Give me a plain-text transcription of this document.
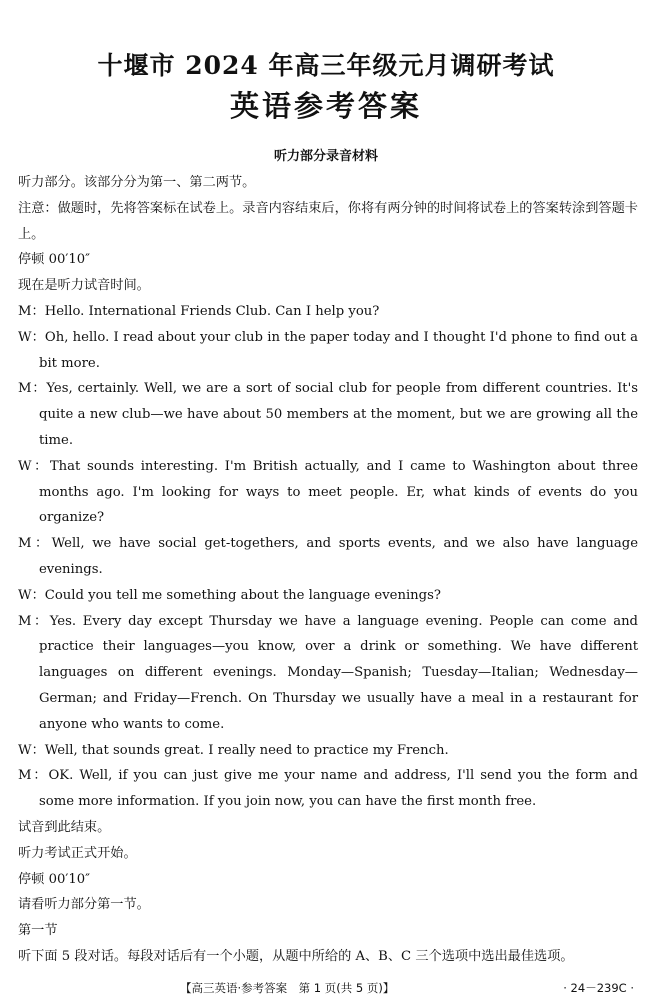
十堰市 2024 年高三年级元月调研考试
英语参考答案
听力部分录音材料

听力部分。该部分分为第一、第二两节。

注意：做题时，先将答案标在试卷上。录音内容结束后，你将有两分钟的时间将试卷上的答案转涂到答题卡上。

停顿 00′10″

现在是听力试音时间。

M：Hello. International Friends Club. Can I help you?

W：Oh, hello. I read about your club in the paper today and I thought I'd phone to find out a bit more.

M：Yes, certainly. Well, we are a sort of social club for people from different countries. It's quite a new club—we have about 50 members at the moment, but we are growing all the time.

W：That sounds interesting. I'm British actually, and I came to Washington about three months ago. I'm looking for ways to meet people. Er, what kinds of events do you organize?

M：Well, we have social get-togethers, and sports events, and we also have language evenings.

W：Could you tell me something about the language evenings?

M：Yes. Every day except Thursday we have a language evening. People can come and practice their languages—you know, over a drink or something. We have different languages on different evenings. Monday—Spanish; Tuesday—Italian; Wednesday—German; and Friday—French. On Thursday we usually have a meal in a restaurant for anyone who wants to come.

W：Well, that sounds great. I really need to practice my French.

M：OK. Well, if you can just give me your name and address, I'll send you the form and some more information. If you join now, you can have the first month free.

试音到此结束。

听力考试正式开始。

停顿 00′10″

请看听力部分第一节。

第一节

听下面 5 段对话。每段对话后有一个小题，从题中所给的 A、B、C 三个选项中选出最佳选项。

【高三英语·参考答案　第 1 页(共 5 页)】	· 24－239C ·
